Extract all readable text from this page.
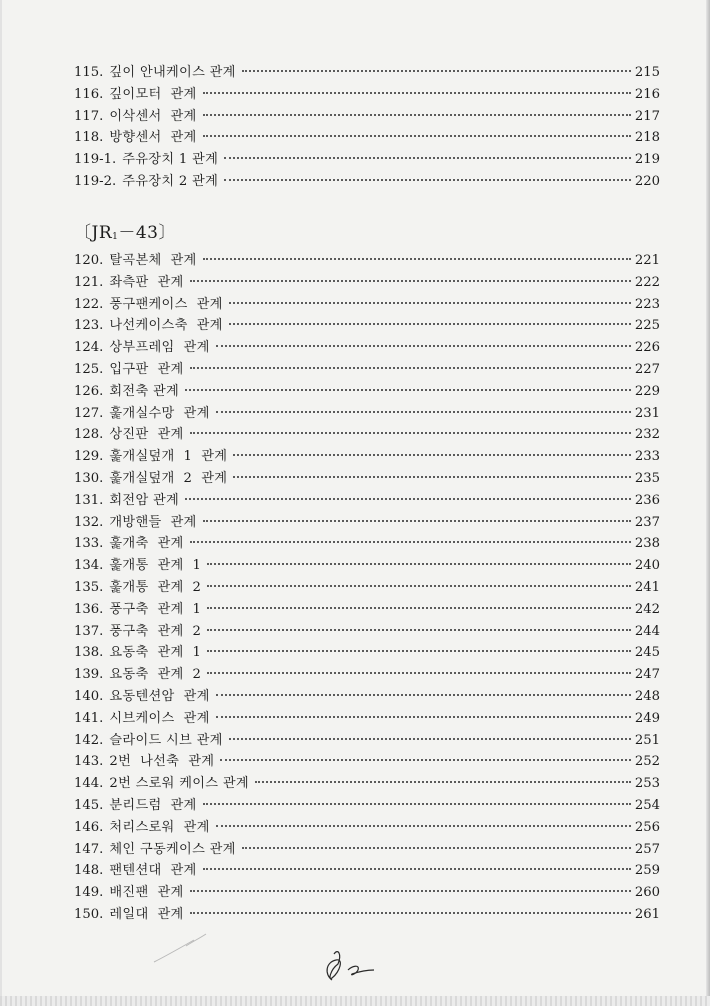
115. 깊이 안내케이스 관계	215
116. 깊이모터  관계	216
117. 이삭센서  관계	217
118. 방향센서  관계	218
119-1. 주유장치 1 관계	219
119-2. 주유장치 2 관계	220
〔JR1－43〕
120. 탈곡본체  관계	221
121. 좌측판  관계	222
122. 풍구팬케이스  관계	223
123. 나선케이스축  관계	225
124. 상부프레임  관계	226
125. 입구판  관계	227
126. 회전축 관계	229
127. 훑개실수망  관계	231
128. 상진판  관계	232
129. 훑개실덮개  1  관계	233
130. 훑개실덮개  2  관계	235
131. 회전암 관계	236
132. 개방핸들  관계	237
133. 훑개축  관계	238
134. 훑개통  관계  1	240
135. 훑개통  관계  2	241
136. 풍구축  관계  1	242
137. 풍구축  관계  2	244
138. 요동축  관계  1	245
139. 요동축  관계  2	247
140. 요동텐션암  관계	248
141. 시브케이스  관계	249
142. 슬라이드 시브 관계	251
143. 2번  나선축  관계	252
144. 2번 스로워 케이스 관계	253
145. 분리드럼  관계	254
146. 처리스로워  관계	256
147. 체인 구동케이스 관계	257
148. 팬텐션대  관계	259
149. 배진팬  관계	260
150. 레일대  관계	261
